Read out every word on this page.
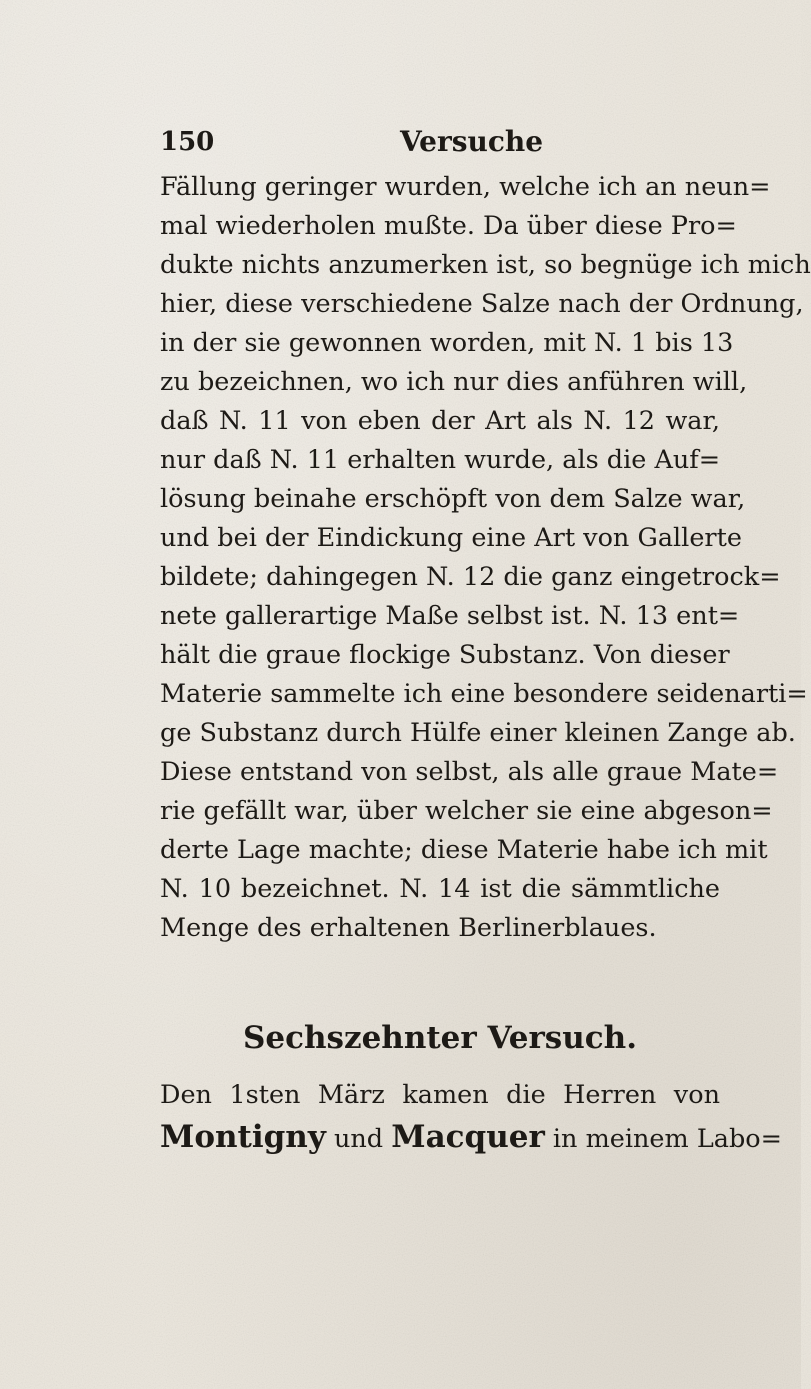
150	Versuche
Fällung geringer wurden, welche ich an neun=
mal wiederholen mußte. Da über diese Pro=
dukte nichts anzumerken ist, so begnüge ich mich
hier, diese verschiedene Salze nach der Ordnung,
in der sie gewonnen worden, mit N. 1 bis 13
zu bezeichnen, wo ich nur dies anführen will,
daß N. 11 von eben der Art als N. 12 war,
nur daß N. 11 erhalten wurde, als die Auf=
lösung beinahe erschöpft von dem Salze war,
und bei der Eindickung eine Art von Gallerte
bildete; dahingegen N. 12 die ganz eingetrock=
nete gallerartige Maße selbst ist. N. 13 ent=
hält die graue flockige Substanz. Von dieser
Materie sammelte ich eine besondere seidenarti=
ge Substanz durch Hülfe einer kleinen Zange ab.
Diese entstand von selbst, als alle graue Mate=
rie gefällt war, über welcher sie eine abgeson=
derte Lage machte; diese Materie habe ich mit
N. 10 bezeichnet. N. 14 ist die sämmtliche
Menge des erhaltenen Berlinerblaues.
Sechszehnter Versuch.
Den 1sten März kamen die Herren von
Montigny und Macquer in meinem Labo=
